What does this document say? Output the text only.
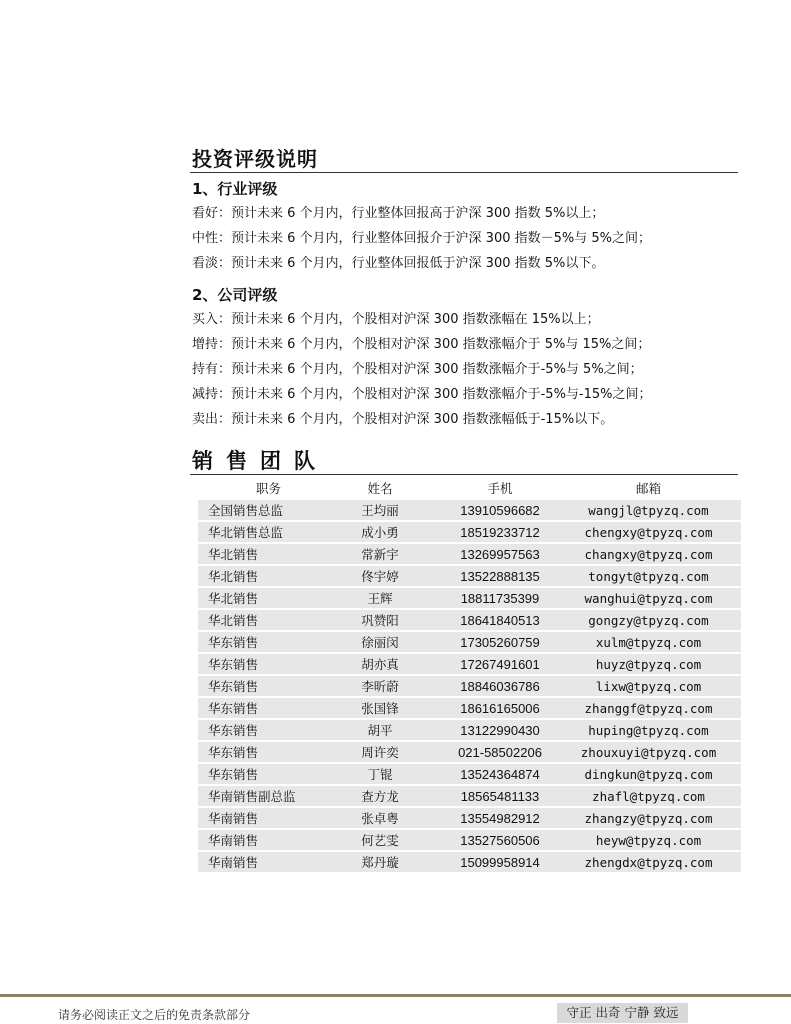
投资评级说明
1、行业评级

看好：预计未来 6 个月内，行业整体回报高于沪深 300 指数 5%以上；

中性：预计未来 6 个月内，行业整体回报介于沪深 300 指数－5%与 5%之间；

看淡：预计未来 6 个月内，行业整体回报低于沪深 300 指数 5%以下。

2、公司评级

买入：预计未来 6 个月内，个股相对沪深 300 指数涨幅在 15%以上；

增持：预计未来 6 个月内，个股相对沪深 300 指数涨幅介于 5%与 15%之间；

持有：预计未来 6 个月内，个股相对沪深 300 指数涨幅介于-5%与 5%之间；

减持：预计未来 6 个月内，个股相对沪深 300 指数涨幅介于-5%与-15%之间；

卖出：预计未来 6 个月内，个股相对沪深 300 指数涨幅低于-15%以下。

销售团队
职务	姓名	手机	邮箱
全国销售总监	王均丽	13910596682	wangjl@tpyzq.com
华北销售总监	成小勇	18519233712	chengxy@tpyzq.com
华北销售	常新宇	13269957563	changxy@tpyzq.com
华北销售	佟宇婷	13522888135	tongyt@tpyzq.com
华北销售	王辉	18811735399	wanghui@tpyzq.com
华北销售	巩赞阳	18641840513	gongzy@tpyzq.com
华东销售	徐丽闵	17305260759	xulm@tpyzq.com
华东销售	胡亦真	17267491601	huyz@tpyzq.com
华东销售	李昕蔚	18846036786	lixw@tpyzq.com
华东销售	张国锋	18616165006	zhanggf@tpyzq.com
华东销售	胡平	13122990430	huping@tpyzq.com
华东销售	周许奕	021-58502206	zhouxuyi@tpyzq.com
华东销售	丁锟	13524364874	dingkun@tpyzq.com
华南销售副总监	查方龙	18565481133	zhafl@tpyzq.com
华南销售	张卓粤	13554982912	zhangzy@tpyzq.com
华南销售	何艺雯	13527560506	heyw@tpyzq.com
华南销售	郑丹璇	15099958914	zhengdx@tpyzq.com
请务必阅读正文之后的免责条款部分	守正 出奇 宁静 致远
